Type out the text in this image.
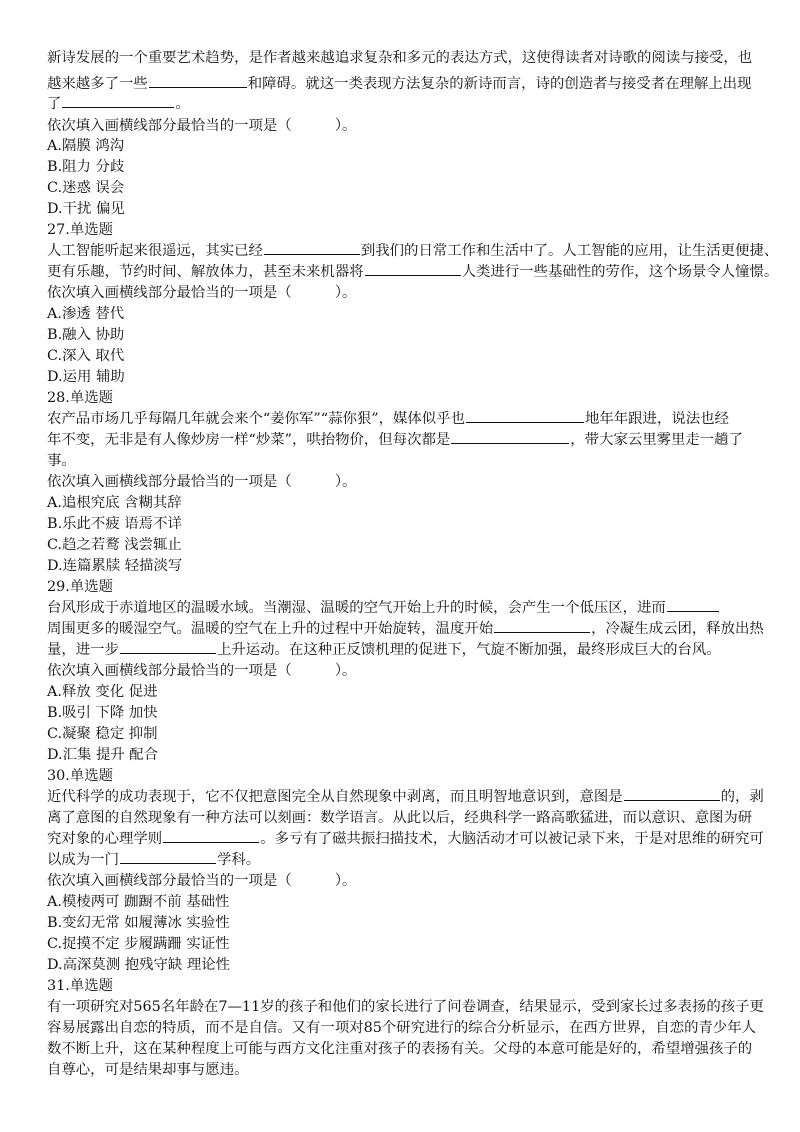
新诗发展的一个重要艺术趋势，是作者越来越追求复杂和多元的表达方式，这使得读者对诗歌的阅读与接受，也
越来越多了一些	和障碍。就这一类表现方法复杂的新诗而言，诗的创造者与接受者在理解上出现
了	。
依次填入画横线部分最恰当的一项是（　　　）。
A.隔膜 鸿沟
B.阻力 分歧
C.迷惑 误会
D.干扰 偏见
27.单选题
人工智能听起来很遥远，其实已经	到我们的日常工作和生活中了。人工智能的应用，让生活更便捷、
更有乐趣，节约时间、解放体力，甚至未来机器将	人类进行一些基础性的劳作，这个场景令人憧憬。
依次填入画横线部分最恰当的一项是（　　　）。
A.渗透 替代
B.融入 协助
C.深入 取代
D.运用 辅助
28.单选题
农产品市场几乎每隔几年就会来个“姜你军”“蒜你狠”，媒体似乎也	地年年跟进，说法也经
年不变，无非是有人像炒房一样“炒菜”，哄抬物价，但每次都是	，带大家云里雾里走一趟了
事。
依次填入画横线部分最恰当的一项是（　　　）。
A.追根究底 含糊其辞
B.乐此不疲 语焉不详
C.趋之若鹜 浅尝辄止
D.连篇累牍 轻描淡写
29.单选题
台风形成于赤道地区的温暖水域。当潮湿、温暖的空气开始上升的时候，会产生一个低压区，进而
周围更多的暖湿空气。温暖的空气在上升的过程中开始旋转，温度开始	，冷凝生成云团，释放出热
量，进一步	上升运动。在这种正反馈机理的促进下，气旋不断加强，最终形成巨大的台风。
依次填入画横线部分最恰当的一项是（　　　）。
A.释放 变化 促进
B.吸引 下降 加快
C.凝聚 稳定 抑制
D.汇集 提升 配合
30.单选题
近代科学的成功表现于，它不仅把意图完全从自然现象中剥离，而且明智地意识到，意图是	的，剥
离了意图的自然现象有一种方法可以刻画：数学语言。从此以后，经典科学一路高歌猛进，而以意识、意图为研
究对象的心理学则	。多亏有了磁共振扫描技术，大脑活动才可以被记录下来，于是对思维的研究可
以成为一门	学科。
依次填入画横线部分最恰当的一项是（　　　）。
A.模棱两可 跏蹰不前 基础性
B.变幻无常 如履薄冰 实验性
C.捉摸不定 步履蹒跚 实证性
D.高深莫测 抱残守缺 理论性
31.单选题
有一项研究对565名年龄在7—11岁的孩子和他们的家长进行了问卷调查，结果显示，受到家长过多表扬的孩子更
容易展露出自恋的特质，而不是自信。又有一项对85个研究进行的综合分析显示，在西方世界，自恋的青少年人
数不断上升，这在某种程度上可能与西方文化注重对孩子的表扬有关。父母的本意可能是好的，希望增强孩子的
自尊心，可是结果却事与愿违。
